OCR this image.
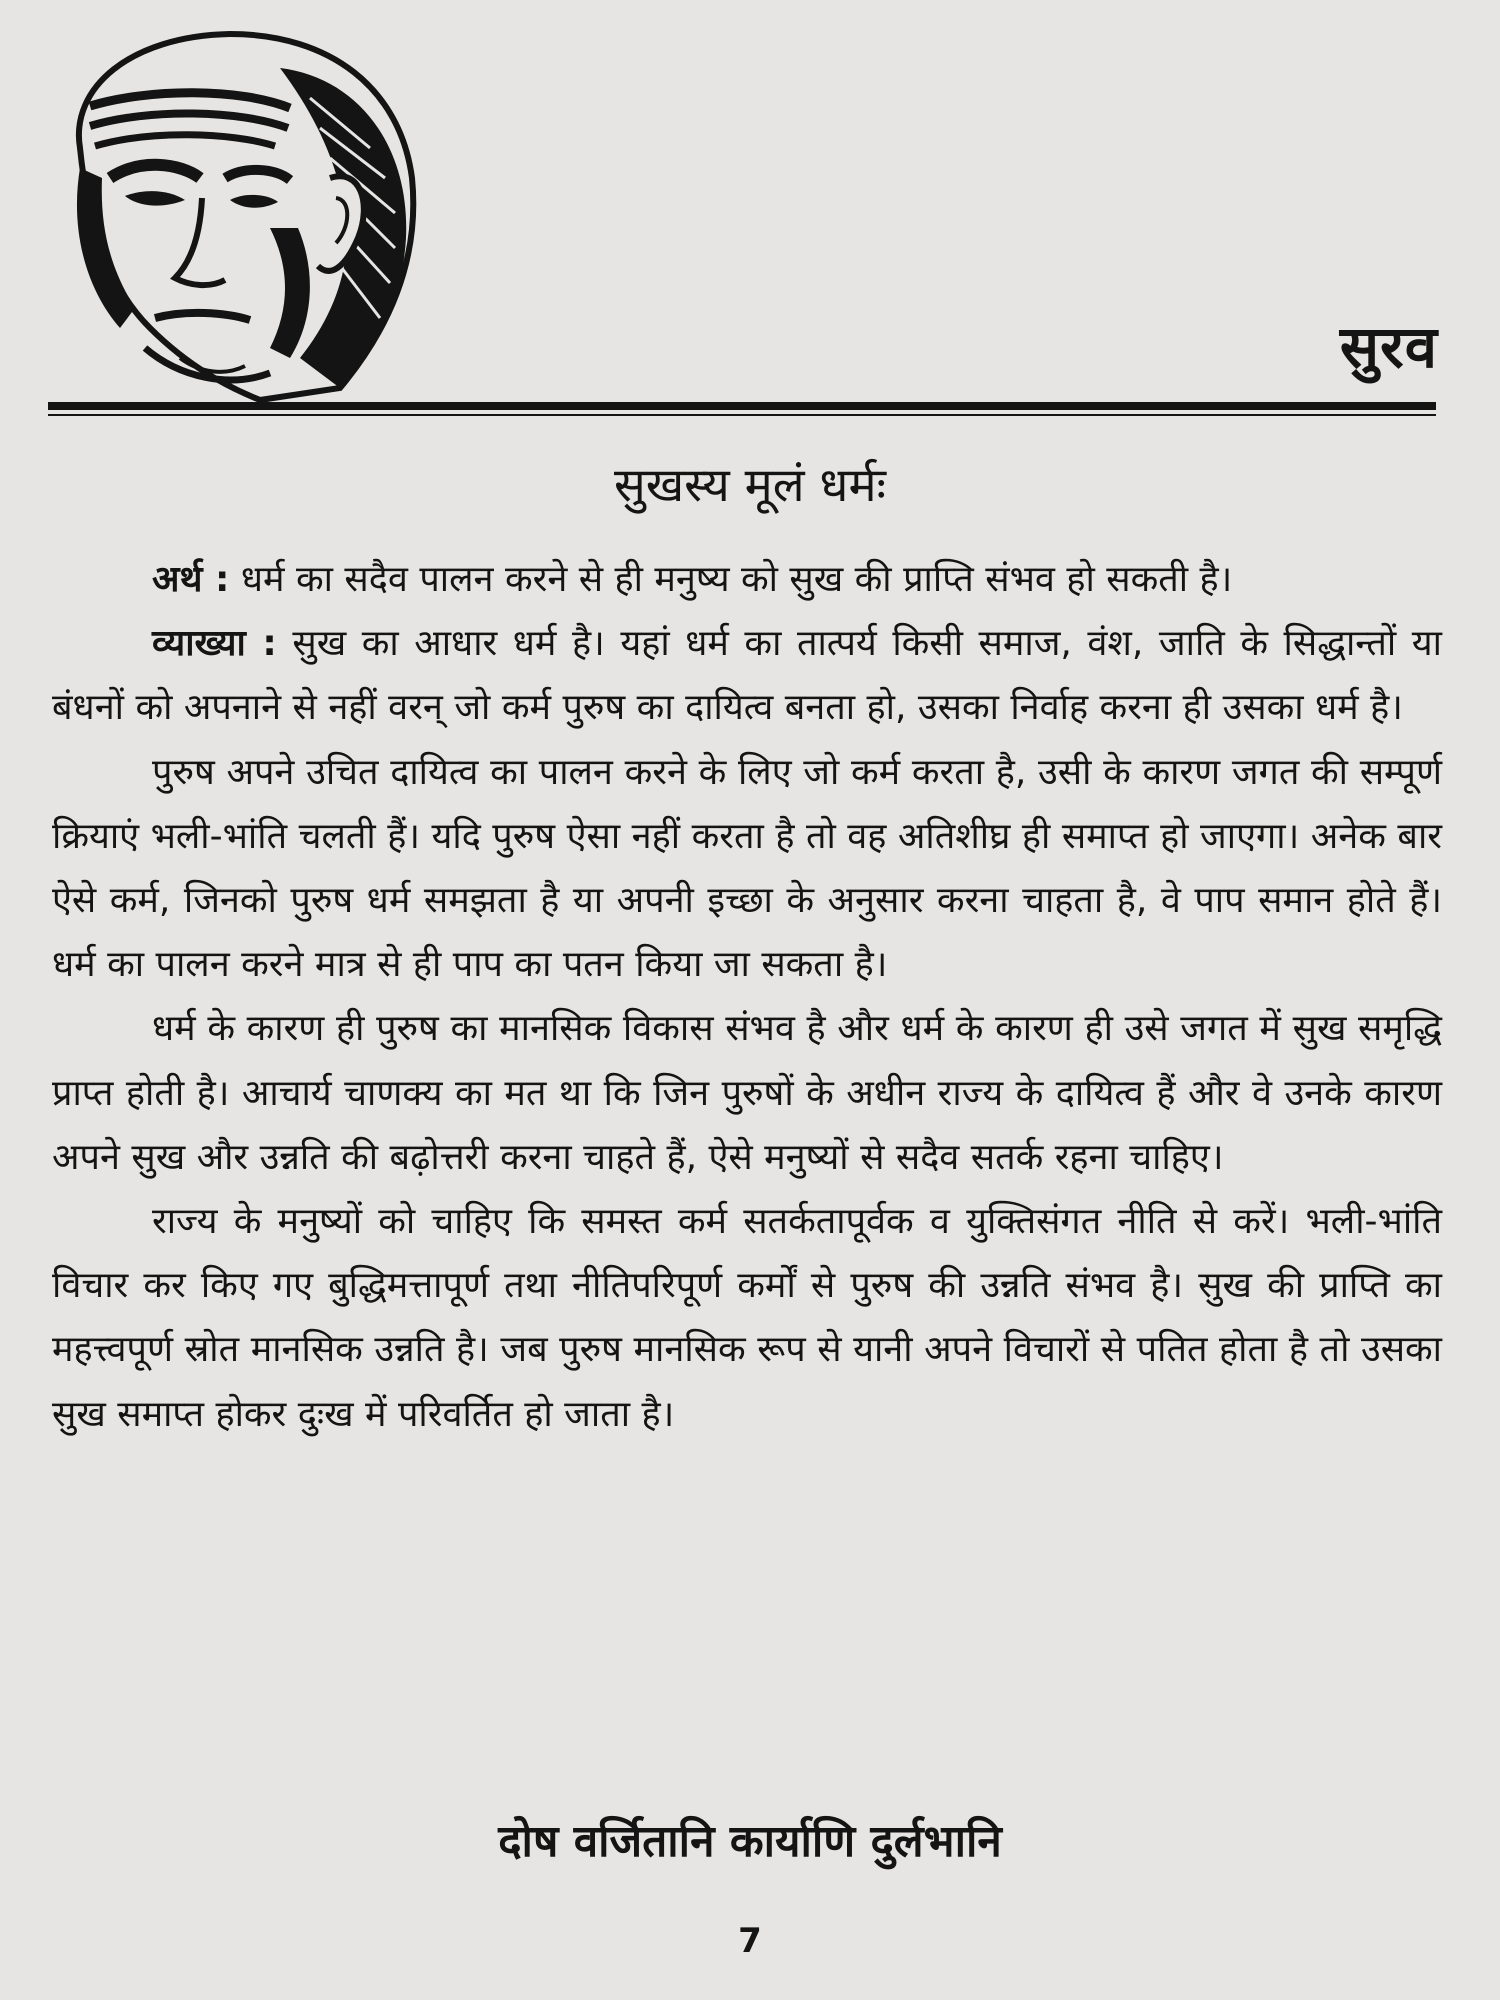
सुरव
सुखस्य मूलं धर्मः

अर्थ : धर्म का सदैव पालन करने से ही मनुष्य को सुख की प्राप्ति संभव हो सकती है।

व्याख्या : सुख का आधार धर्म है। यहां धर्म का तात्पर्य किसी समाज, वंश, जाति के सिद्धान्तों या बंधनों को अपनाने से नहीं वरन् जो कर्म पुरुष का दायित्व बनता हो, उसका निर्वाह करना ही उसका धर्म है।

पुरुष अपने उचित दायित्व का पालन करने के लिए जो कर्म करता है, उसी के कारण जगत की सम्पूर्ण क्रियाएं भली-भांति चलती हैं। यदि पुरुष ऐसा नहीं करता है तो वह अतिशीघ्र ही समाप्त हो जाएगा। अनेक बार ऐसे कर्म, जिनको पुरुष धर्म समझता है या अपनी इच्छा के अनुसार करना चाहता है, वे पाप समान होते हैं। धर्म का पालन करने मात्र से ही पाप का पतन किया जा सकता है।

धर्म के कारण ही पुरुष का मानसिक विकास संभव है और धर्म के कारण ही उसे जगत में सुख समृद्धि प्राप्त होती है। आचार्य चाणक्य का मत था कि जिन पुरुषों के अधीन राज्य के दायित्व हैं और वे उनके कारण अपने सुख और उन्नति की बढ़ोत्तरी करना चाहते हैं, ऐसे मनुष्यों से सदैव सतर्क रहना चाहिए।

राज्य के मनुष्यों को चाहिए कि समस्त कर्म सतर्कतापूर्वक व युक्तिसंगत नीति से करें। भली-भांति विचार कर किए गए बुद्धिमत्तापूर्ण तथा नीतिपरिपूर्ण कर्मों से पुरुष की उन्नति संभव है। सुख की प्राप्ति का महत्त्वपूर्ण स्रोत मानसिक उन्नति है। जब पुरुष मानसिक रूप से यानी अपने विचारों से पतित होता है तो उसका सुख समाप्त होकर दुःख में परिवर्तित हो जाता है।

दोष वर्जितानि कार्याणि दुर्लभानि
7
